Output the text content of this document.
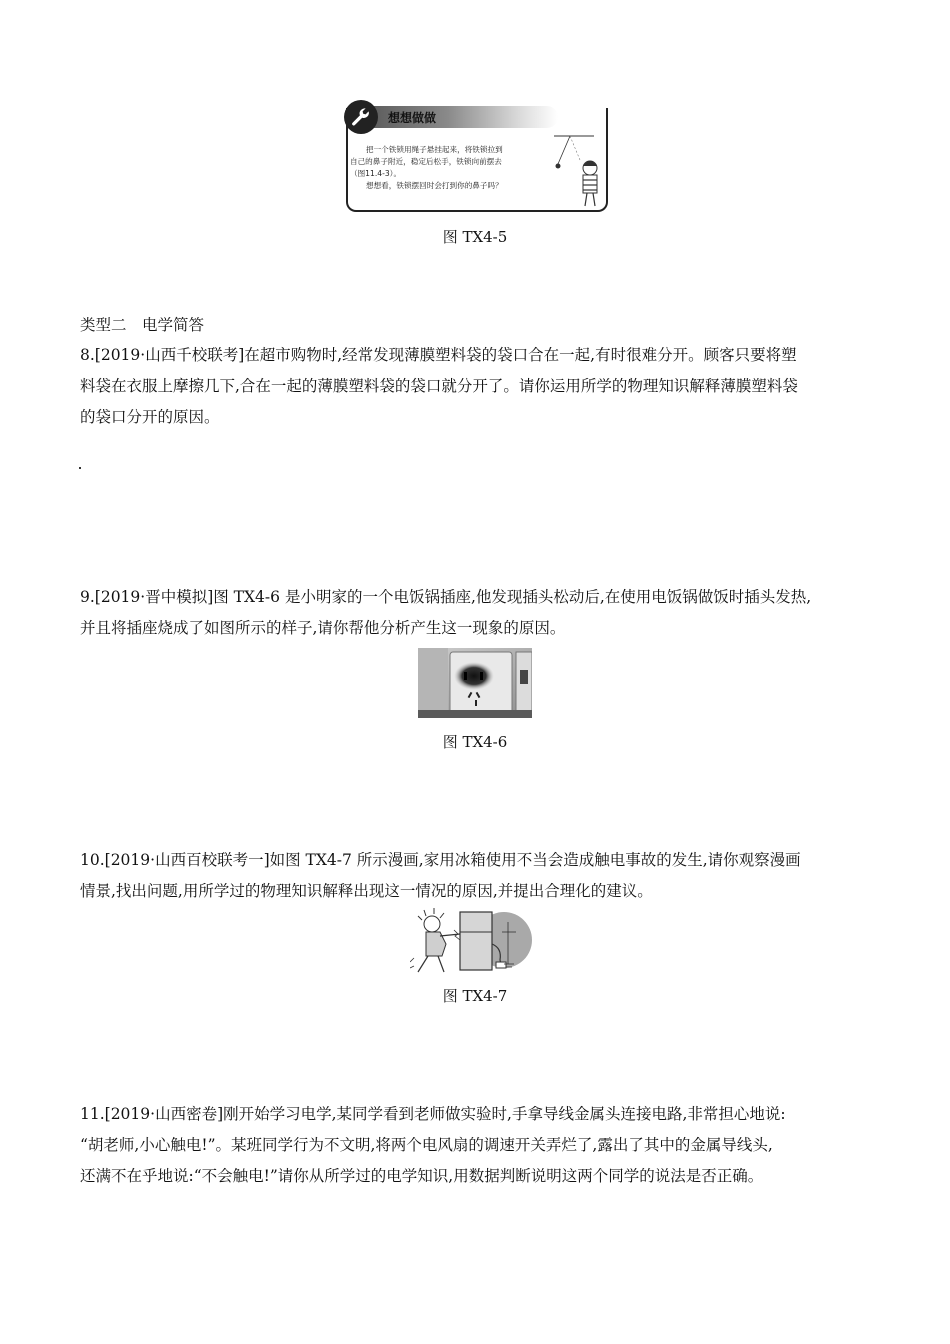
想想做做

把一个铁锁用绳子悬挂起来，将铁锁拉到

自己的鼻子附近，稳定后松手，铁锁向前摆去

（图11.4-3）。

想想看，铁锁摆回时会打到你的鼻子吗？

图 TX4-5
类型二　电学简答

8.[2019·山西千校联考]在超市购物时,经常发现薄膜塑料袋的袋口合在一起,有时很难分开。顾客只要将塑

料袋在衣服上摩擦几下,合在一起的薄膜塑料袋的袋口就分开了。请你运用所学的物理知识解释薄膜塑料袋

的袋口分开的原因。

9.[2019·晋中模拟]图 TX4-6 是小明家的一个电饭锅插座,他发现插头松动后,在使用电饭锅做饭时插头发热,

并且将插座烧成了如图所示的样子,请你帮他分析产生这一现象的原因。

图 TX4-6

10.[2019·山西百校联考一]如图 TX4-7 所示漫画,家用冰箱使用不当会造成触电事故的发生,请你观察漫画

情景,找出问题,用所学过的物理知识解释出现这一情况的原因,并提出合理化的建议。

图 TX4-7

11.[2019·山西密卷]刚开始学习电学,某同学看到老师做实验时,手拿导线金属头连接电路,非常担心地说:

“胡老师,小心触电!”。某班同学行为不文明,将两个电风扇的调速开关弄烂了,露出了其中的金属导线头,

还满不在乎地说:“不会触电!”请你从所学过的电学知识,用数据判断说明这两个同学的说法是否正确。
